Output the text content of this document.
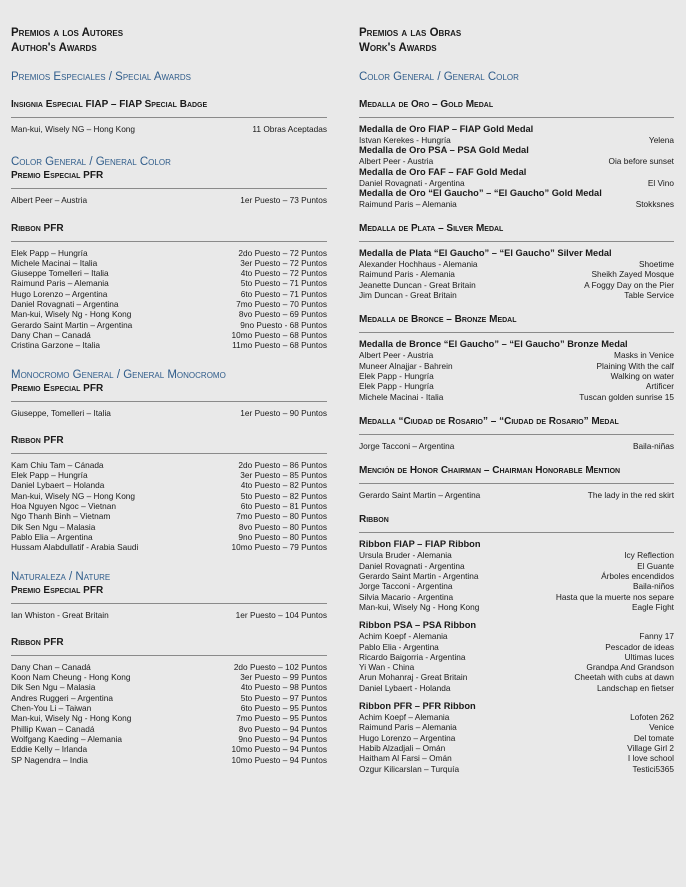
Premios a los Autores
Author's Awards
Premios Especiales / Special Awards
Insignia Especial FIAP – FIAP Special Badge
Man-kui, Wisely NG – Hong Kong	11 Obras Aceptadas
Color General / General Color
Premio Especial PFR
Albert Peer – Austria	1er Puesto – 73 Puntos
Ribbon PFR
Elek Papp – Hungría	2do Puesto – 72 Puntos
Michele Macinai – Italia	3er Puesto – 72 Puntos
Giuseppe Tomelleri – Italia	4to Puesto – 72 Puntos
Raimund Paris – Alemania	5to Puesto – 71 Puntos
Hugo Lorenzo – Argentina	6to Puesto – 71 Puntos
Daniel Rovagnati – Argentina	7mo Puesto – 70 Puntos
Man-kui, Wisely Ng - Hong Kong	8vo Puesto – 69 Puntos
Gerardo Saint Martin – Argentina	9no Puesto - 68 Puntos
Dany Chan – Canadá	10mo Puesto – 68 Puntos
Cristina Garzone – Italia	11mo Puesto – 68 Puntos
Monocromo General / General Monocromo
Premio Especial PFR
Giuseppe, Tomelleri – Italia	1er Puesto – 90 Puntos
Ribbon PFR
Kam Chiu Tam – Cánada	2do Puesto – 86 Puntos
Elek Papp – Hungría	3er Puesto – 85 Puntos
Daniel Lybaert – Holanda	4to Puesto – 82 Puntos
Man-kui, Wisely NG – Hong Kong	5to Puesto – 82 Puntos
Hoa Nguyen Ngoc – Vietnan	6to Puesto – 81 Puntos
Ngo Thanh Binh – Vietnam	7mo Puesto – 80 Puntos
Dik Sen Ngu – Malasia	8vo Puesto – 80 Puntos
Pablo Elia – Argentina	9no Puesto – 80 Puntos
Hussam Alabdullatif - Arabia Saudi	10mo Puesto – 79 Puntos
Naturaleza / Nature
Premio Especial PFR
Ian Whiston - Great Britain	1er Puesto – 104 Puntos
Ribbon PFR
Dany Chan – Canadá	2do Puesto – 102 Puntos
Koon Nam Cheung - Hong Kong	3er Puesto – 99 Puntos
Dik Sen Ngu – Malasia	4to Puesto – 98 Puntos
Andres Ruggeri – Argentina	5to Puesto – 97 Puntos
Chen-You Li – Taiwan	6to Puesto – 95 Puntos
Man-kui, Wisely Ng - Hong Kong	7mo Puesto – 95 Puntos
Phillip Kwan – Canadá	8vo Puesto – 94 Puntos
Wolfgang Kaeding – Alemania	9no Puesto – 94 Puntos
Eddie Kelly – Irlanda	10mo Puesto – 94 Puntos
SP Nagendra – India	10mo Puesto – 94 Puntos
Premios a las Obras
Work's Awards
Color General / General Color
Medalla de Oro – Gold Medal
Medalla de Oro FIAP – FIAP Gold Medal
Istvan Kerekes - Hungría	Yelena
Medalla de Oro PSA – PSA Gold Medal
Albert Peer - Austria	Oia before sunset
Medalla de Oro FAF – FAF Gold Medal
Daniel Rovagnati - Argentina	El Vino
Medalla de Oro “El Gaucho” – “El Gaucho” Gold Medal
Raimund Paris – Alemania	Stokksnes
Medalla de Plata – Silver Medal
Medalla de Plata “El Gaucho” – “El Gaucho” Silver Medal
Alexander Hochhaus - Alemania	Shoetime
Raimund Paris - Alemania	Sheikh Zayed Mosque
Jeanette Duncan - Great Britain	A Foggy Day on the Pier
Jim Duncan - Great Britain	Table Service
Medalla de Bronce – Bronze Medal
Medalla de Bronce “El Gaucho” – “El Gaucho” Bronze Medal
Albert Peer - Austria	Masks in Venice
Muneer Alnajjar - Bahrein	Plaining With the calf
Elek Papp - Hungría	Walking on water
Elek Papp - Hungría	Artificer
Michele Macinai - Italia	Tuscan golden sunrise 15
Medalla “Ciudad de Rosario” – “Ciudad de Rosario” Medal
Jorge Tacconi – Argentina	Baila-niñas
Mención de Honor Chairman – Chairman Honorable Mention
Gerardo Saint Martin – Argentina	The lady in the red skirt
Ribbon
Ribbon FIAP – FIAP Ribbon
Ursula Bruder - Alemania	Icy Reflection
Daniel Rovagnati - Argentina	El Guante
Gerardo Saint Martin - Argentina	Árboles encendidos
Jorge Tacconi - Argentina	Baila-niños
Silvia Macario - Argentina	Hasta que la muerte nos separe
Man-kui, Wisely Ng - Hong Kong	Eagle Fight
Ribbon PSA – PSA Ribbon
Achim Koepf - Alemania	Fanny 17
Pablo Elia - Argentina	Pescador de ideas
Ricardo Baigorria - Argentina	Ultimas luces
Yi Wan - China	Grandpa And Grandson
Arun Mohanraj - Great Britain	Cheetah with cubs at dawn
Daniel Lybaert - Holanda	Landschap en fietser
Ribbon PFR – PFR Ribbon
Achim Koepf – Alemania	Lofoten 262
Raimund Paris – Alemania	Venice
Hugo Lorenzo – Argentina	Del tomate
Habib Alzadjali – Omán	Village Girl 2
Haitham Al Farsi – Omán	I love school
Ozgur Kilicarslan – Turquía	Testici5365
